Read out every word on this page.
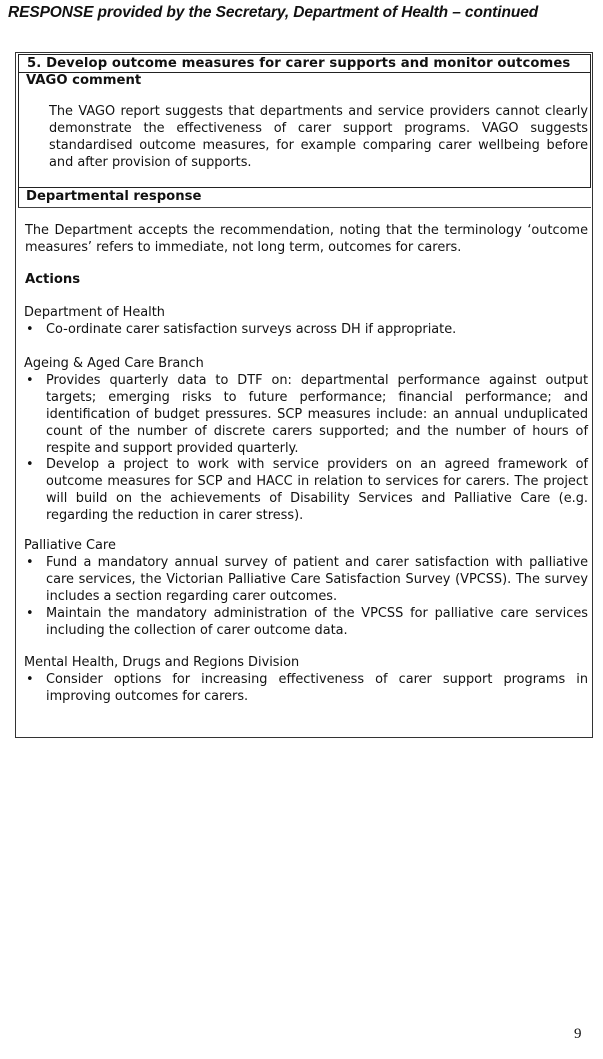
RESPONSE provided by the Secretary, Department of Health – continued
5. Develop outcome measures for carer supports and monitor outcomes
VAGO comment
The VAGO report suggests that departments and service providers cannot clearly demonstrate the effectiveness of carer support programs. VAGO suggests standardised outcome measures, for example comparing carer wellbeing before and after provision of supports.
Departmental response
The Department accepts the recommendation, noting that the terminology ‘outcome measures’ refers to immediate, not long term, outcomes for carers.
Actions
Department of Health
• Co-ordinate carer satisfaction surveys across DH if appropriate.
Ageing & Aged Care Branch
• Provides quarterly data to DTF on: departmental performance against output targets; emerging risks to future performance; financial performance; and identification of budget pressures. SCP measures include: an annual unduplicated count of the number of discrete carers supported; and the number of hours of respite and support provided quarterly.
• Develop a project to work with service providers on an agreed framework of outcome measures for SCP and HACC in relation to services for carers. The project will build on the achievements of Disability Services and Palliative Care (e.g. regarding the reduction in carer stress).
Palliative Care
• Fund a mandatory annual survey of patient and carer satisfaction with palliative care services, the Victorian Palliative Care Satisfaction Survey (VPCSS). The survey includes a section regarding carer outcomes.
• Maintain the mandatory administration of the VPCSS for palliative care services including the collection of carer outcome data.
Mental Health, Drugs and Regions Division
• Consider options for increasing effectiveness of carer support programs in improving outcomes for carers.
9
